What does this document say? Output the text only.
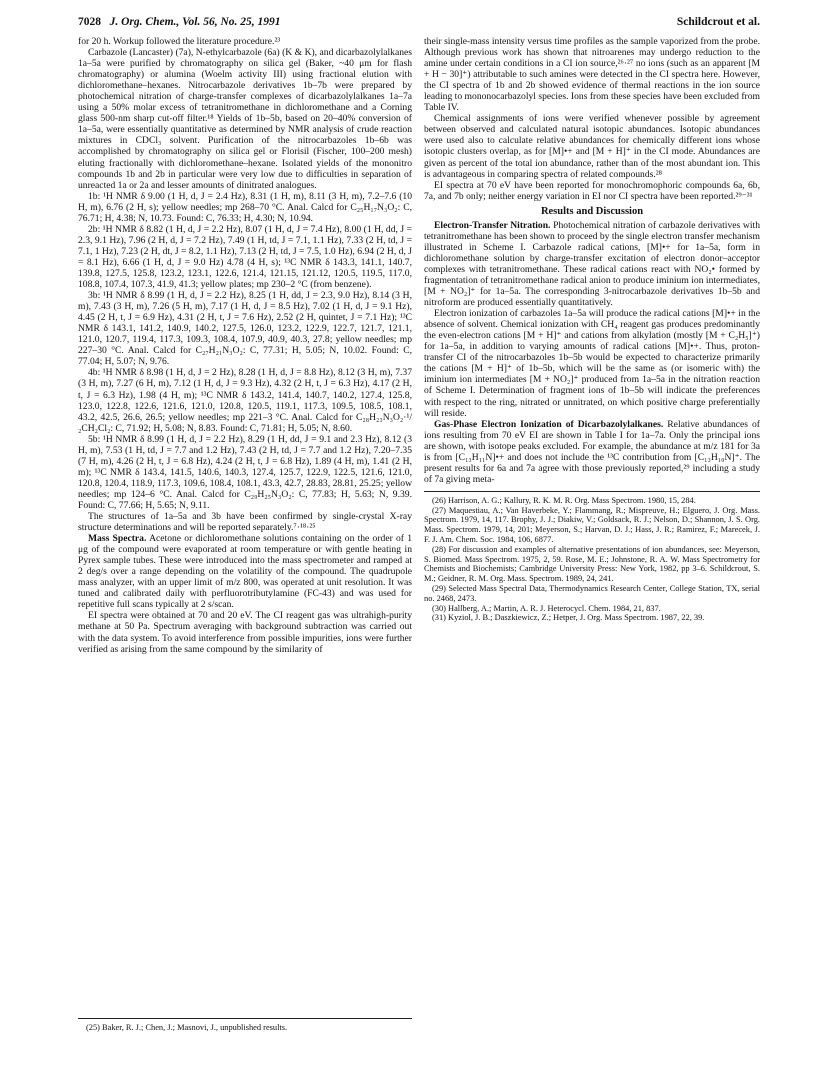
7028 J. Org. Chem., Vol. 56, No. 25, 1991	Schildcrout et al.

for 20 h. Workup followed the literature procedure.²³

Carbazole (Lancaster) (7a), N-ethylcarbazole (6a) (K & K), and dicarbazolylalkanes 1a–5a were purified by chromatography on silica gel (Baker, ~40 μm for flash chromatography) or alumina (Woelm activity III) using fractional elution with dichloromethane–hexanes. Nitrocarbazole derivatives 1b–7b were prepared by photochemical nitration of charge-transfer complexes of dicarbazolylalkanes 1a–7a using a 50% molar excess of tetranitromethane in dichloromethane and a Corning glass 500-nm sharp cut-off filter.¹⁸ Yields of 1b–5b, based on 20–40% conversion of 1a–5a, were essentially quantitative as determined by NMR analysis of crude reaction mixtures in CDCl₃ solvent. Purification of the nitrocarbazoles 1b–6b was accomplished by chromatography on silica gel or Florisil (Fischer, 100–200 mesh) eluting fractionally with dichloromethane–hexane. Isolated yields of the mononitro compounds 1b and 2b in particular were very low due to difficulties in separation of unreacted 1a or 2a and lesser amounts of dinitrated analogues.

1b: ¹H NMR δ 9.00 (1 H, d, J = 2.4 Hz), 8.31 (1 H, m), 8.11 (3 H, m), 7.2–7.6 (10 H, m), 6.76 (2 H, s); yellow needles; mp 268–70 °C. Anal. Calcd for C₂₅H₁₇N₃O₂: C, 76.71; H, 4.38; N, 10.73. Found: C, 76.33; H, 4.30; N, 10.94.

2b: ¹H NMR δ 8.82 (1 H, d, J = 2.2 Hz), 8.07 (1 H, d, J = 7.4 Hz), 8.00 (1 H, dd, J = 2.3, 9.1 Hz), 7.96 (2 H, d, J = 7.2 Hz), 7.49 (1 H, td, J = 7.1, 1.1 Hz), 7.33 (2 H, td, J = 7.1, 1 Hz), 7.23 (2 H, dt, J = 8.2, 1.1 Hz), 7.13 (2 H, td, J = 7.5, 1.0 Hz), 6.94 (2 H, d, J = 8.1 Hz), 6.66 (1 H, d, J = 9.0 Hz) 4.78 (4 H, s); ¹³C NMR δ 143.3, 141.1, 140.7, 139.8, 127.5, 125.8, 123.2, 123.1, 122.6, 121.4, 121.15, 121.12, 120.5, 119.5, 117.0, 108.8, 107.4, 107.3, 41.9, 41.3; yellow plates; mp 230–2 °C (from benzene).

3b: ¹H NMR δ 8.99 (1 H, d, J = 2.2 Hz), 8.25 (1 H, dd, J = 2.3, 9.0 Hz), 8.14 (3 H, m), 7.43 (3 H, m), 7.26 (5 H, m), 7.17 (1 H, d, J = 8.5 Hz), 7.02 (1 H, d, J = 9.1 Hz), 4.45 (2 H, t, J = 6.9 Hz), 4.31 (2 H, t, J = 7.6 Hz), 2.52 (2 H, quintet, J = 7.1 Hz); ¹³C NMR δ 143.1, 141.2, 140.9, 140.2, 127.5, 126.0, 123.2, 122.9, 122.7, 121.7, 121.1, 121.0, 120.7, 119.4, 117.3, 109.3, 108.4, 107.9, 40.9, 40.3, 27.8; yellow needles; mp 227–30 °C. Anal. Calcd for C₂₇H₂₁N₃O₂: C, 77.31; H, 5.05; N, 10.02. Found: C, 77.04; H, 5.07; N, 9.76.

4b: ¹H NMR δ 8.98 (1 H, d, J = 2 Hz), 8.28 (1 H, d, J = 8.8 Hz), 8.12 (3 H, m), 7.37 (3 H, m), 7.27 (6 H, m), 7.12 (1 H, d, J = 9.3 Hz), 4.32 (2 H, t, J = 6.3 Hz), 4.17 (2 H, t, J = 6.3 Hz), 1.98 (4 H, m); ¹³C NMR δ 143.2, 141.4, 140.7, 140.2, 127.4, 125.8, 123.0, 122.8, 122.6, 121.6, 121.0, 120.8, 120.5, 119.1, 117.3, 109.5, 108.5, 108.1, 43.2, 42.5, 26.6, 26.5; yellow needles; mp 221–3 °C. Anal. Calcd for C₂₈H₂₃N₃O₂·¹/₂CH₂Cl₂: C, 71.92; H, 5.08; N, 8.83. Found: C, 71.81; H, 5.05; N, 8.60.

5b: ¹H NMR δ 8.99 (1 H, d, J = 2.2 Hz), 8.29 (1 H, dd, J = 9.1 and 2.3 Hz), 8.12 (3 H, m), 7.53 (1 H, td, J = 7.7 and 1.2 Hz), 7.43 (2 H, td, J = 7.7 and 1.2 Hz), 7.20–7.35 (7 H, m), 4.26 (2 H, t, J = 6.8 Hz), 4.24 (2 H, t, J = 6.8 Hz), 1.89 (4 H, m), 1.41 (2 H, m); ¹³C NMR δ 143.4, 141.5, 140.6, 140.3, 127.4, 125.7, 122.9, 122.5, 121.6, 121.0, 120.8, 120.4, 118.9, 117.3, 109.6, 108.4, 108.1, 43.3, 42.7, 28.83, 28.81, 25.25; yellow needles; mp 124–6 °C. Anal. Calcd for C₂₉H₂₅N₃O₂: C, 77.83; H, 5.63; N, 9.39. Found: C, 77.66; H, 5.65; N, 9.11.

The structures of 1a–5a and 3b have been confirmed by single-crystal X-ray structure determinations and will be reported separately.⁷·¹⁸·²⁵

Mass Spectra. Acetone or dichloromethane solutions containing on the order of 1 μg of the compound were evaporated at room temperature or with gentle heating in Pyrex sample tubes. These were introduced into the mass spectrometer and ramped at 2 deg/s over a range depending on the volatility of the compound. The quadrupole mass analyzer, with an upper limit of m/z 800, was operated at unit resolution. It was tuned and calibrated daily with perfluorotributylamine (FC-43) and was used for repetitive full scans typically at 2 s/scan.

EI spectra were obtained at 70 and 20 eV. The CI reagent gas was ultrahigh-purity methane at 50 Pa. Spectrum averaging with background subtraction was carried out with the data system. To avoid interference from possible impurities, ions were further verified as arising from the same compound by the similarity of

(25) Baker, R. J.; Chen, J.; Masnovi, J., unpublished results.

their single-mass intensity versus time profiles as the sample vaporized from the probe. Although previous work has shown that nitroarenes may undergo reduction to the amine under certain conditions in a CI ion source,²⁶·²⁷ no ions (such as an apparent [M + H − 30]⁺) attributable to such amines were detected in the CI spectra here. However, the CI spectra of 1b and 2b showed evidence of thermal reactions in the ion source leading to mononocarbazolyl species. Ions from these species have been excluded from Table IV.

Chemical assignments of ions were verified whenever possible by agreement between observed and calculated natural isotopic abundances. Isotopic abundances were used also to calculate relative abundances for chemically different ions whose isotopic clusters overlap, as for [M]•+ and [M + H]⁺ in the CI mode. Abundances are given as percent of the total ion abundance, rather than of the most abundant ion. This is advantageous in comparing spectra of related compounds.²⁸

EI spectra at 70 eV have been reported for monochromophoric compounds 6a, 6b, 7a, and 7b only; neither energy variation in EI nor CI spectra have been reported.²⁹⁻³¹

Results and Discussion

Electron-Transfer Nitration. Photochemical nitration of carbazole derivatives with tetranitromethane has been shown to proceed by the single electron transfer mechanism illustrated in Scheme I. Carbazole radical cations, [M]•+ for 1a–5a, form in dichloromethane solution by charge-transfer excitation of electron donor–acceptor complexes with tetranitromethane. These radical cations react with NO₂• formed by fragmentation of tetranitromethane radical anion to produce iminium ion intermediates, [M + NO₂]⁺ for 1a–5a. The corresponding 3-nitrocarbazole derivatives 1b–5b and nitroform are produced essentially quantitatively.

Electron ionization of carbazoles 1a–5a will produce the radical cations [M]•+ in the absence of solvent. Chemical ionization with CH₄ reagent gas produces predominantly the even-electron cations [M + H]⁺ and cations from alkylation (mostly [M + C₂H₅]⁺) for 1a–5a, in addition to varying amounts of radical cations [M]•+. Thus, proton-transfer CI of the nitrocarbazoles 1b–5b would be expected to characterize primarily the cations [M + H]⁺ of 1b–5b, which will be the same as (or isomeric with) the iminium ion intermediates [M + NO₂]⁺ produced from 1a–5a in the nitration reaction of Scheme I. Determination of fragment ions of 1b–5b will indicate the preferences with respect to the ring, nitrated or unnitrated, on which positive charge preferentially will reside.

Gas-Phase Electron Ionization of Dicarbazolylalkanes. Relative abundances of ions resulting from 70 eV EI are shown in Table I for 1a–7a. Only the principal ions are shown, with isotope peaks excluded. For example, the abundance at m/z 181 for 3a is from [C₁₃H₁₁N]•+ and does not include the ¹³C contribution from [C₁₃H₁₀N]⁺. The present results for 6a and 7a agree with those previously reported,²⁹ including a study of 7a giving meta-

(26) Harrison, A. G.; Kallury, R. K. M. R. Org. Mass Spectrom. 1980, 15, 284.

(27) Maquestiau, A.; Van Haverbeke, Y.; Flammang, R.; Mispreuve, H.; Elguero, J. Org. Mass. Spectrom. 1979, 14, 117. Brophy, J. J.; Diakiw, V.; Goldsack, R. J.; Nelson, D.; Shannon, J. S. Org. Mass. Spectrom. 1979, 14, 201; Meyerson, S.; Harvan, D. J.; Hass, J. R.; Ramirez, F.; Marecek, J. F. J. Am. Chem. Soc. 1984, 106, 6877.

(28) For discussion and examples of alternative presentations of ion abundances, see: Meyerson, S. Biomed. Mass Spectrom. 1975, 2, 59. Rose, M. E.; Johnstone, R. A. W. Mass Spectrometry for Chemists and Biochemists; Cambridge University Press: New York, 1982, pp 3–6. Schildcrout, S. M.; Geidner, R. M. Org. Mass. Spectrom. 1989, 24, 241.

(29) Selected Mass Spectral Data, Thermodynamics Research Center, College Station, TX, serial no. 2468, 2473.

(30) Hallberg, A.; Martin, A. R. J. Heterocycl. Chem. 1984, 21, 837.

(31) Kyziol, J. B.; Daszkiewicz, Z.; Hetper, J. Org. Mass Spectrom. 1987, 22, 39.
